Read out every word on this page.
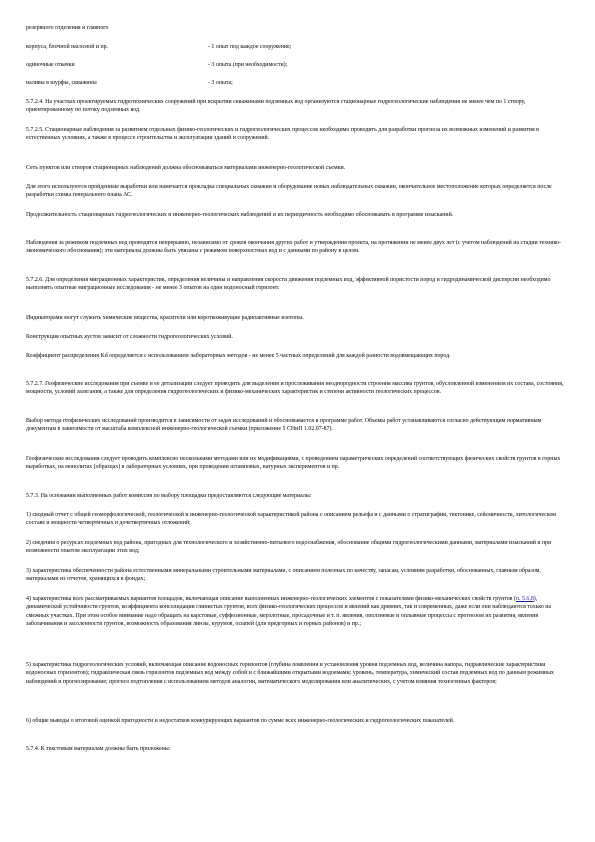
резервного отделения и главного

корпуса, блочной насосной и пр.	- 1 опыт под каждое сооружение;
одиночные откачки	- 3 опыта (при необходимости);
наливы в шурфы, скважины	- 3 опыта;

5.7.2.4. На участках проектируемых гидротехнических сооружений при вскрытии скважинами подземных вод организуются стационарные гидрогеологические наблюдения не менее чем по 1 створу, ориентированному по потоку подземных вод.

5.7.2.5. Стационарные наблюдения за развитием отдельных физико-геологических и гидрогеологических процессов необходимо проводить для разработки прогноза их возможных изменений и развития в естественных условиях, а также в процессе строительства и эксплуатации зданий и сооружений.

Сеть пунктов или створов стационарных наблюдений должна обосновываться материалами инженерно-геологической съемки.

Для этого используются пройденные выработки или намечается прокладка специальных скважин и оборудование новых наблюдательных скважин, окончательное местоположение которых определяется после разработки схемы генерального плана АС.

Продолжительность стационарных гидрогеологических и инженерно-геологических наблюдений и их периодичность необходимо обосновывать в программе изысканий.

Наблюдения за режимом подземных вод проводятся непрерывно, независимо от сроков окончания других работ и утверждения проекта, на протяжении не менее двух лет (с учетом наблюдений на стадии технико-экономического обоснования); эти материалы должны быть увязаны с режимом поверхностных вод и с данными по району в целом.

5.7.2.6. Для определения миграционных характеристик, определения величины и направления скорости движения подземных вод, эффективной пористости пород и гидродинамической дисперсии необходимо выполнять опытные миграционные исследования - не менее 3 опытов на один водоносный горизонт.

Индикаторами могут служить химические вещества, красители или короткоживущие радиоактивные изотопы.

Конструкция опытных кустов зависит от сложности гидрогеологических условий.

Коэффициент распределения Kd определяется с использованием лабораторных методов - не менее 5 частных определений для каждой разности водовмещающих пород.

5.7.2.7. Геофизические исследования при съемке и ее детализации следует проводить для выделения и прослеживания неоднородности строения массива грунтов, обусловленной изменением их состава, состояния, мощности, условий залегания, а также для определения гидрогеологических и физико-механических характеристик и степени активности геологических процессов.

Выбор метода геофизических исследований производится в зависимости от задач исследований и обосновывается в программе работ. Объемы работ устанавливаются согласно действующим нормативным документам в зависимости от масштаба комплексной инженерно-геологической съемки (приложение 5 СНиП 1.02.07-87).

Геофизические исследования следует проводить комплексно несколькими методами или их модификациями, с проведением параметрических определений соответствующих физических свойств грунтов в горных выработках, на монолитах (образцах) в лабораторных условиях, при проведении штамповых, натурных экспериментов и пр.

5.7.3. На основании выполненных работ комиссия по выбору площадки предоставляются следующие материалы:

1) сводный отчет с общей геоморфологической, геологической и инженерно-геологической характеристикой района с описанием рельефа и с данными о стратиграфии, тектонике, сейсмичности, литологическом составе и мощности четвертичных и дочетвертичных отложений;

2) сведения о ресурсах подземных вод района, пригодных для технологического и хозяйственно-питьевого водоснабжения, обоснование общими гидрогеологическими данными, материалами изысканий и при возможности опытом эксплуатации этих вод;

3) характеристика обеспеченности района естественными минеральными строительными материалами, с описанием полезных по качеству, запасам, условиям разработки, обоснованных, главным образом, материалами из отчетов, хранящихся в фондах;

4) характеристика всех рассматриваемых вариантов площадок, включающая описание выполненных инженерно-геологических элементов с показателями физико-механических свойств грунтов (п. 5.6.8), динамической устойчивости грунтов, коэффициента консолидации глинистых грунтов, всех физико-геологических процессов и явлений как древних, так и современных, даже если они наблюдаются только на смежных участках. При этом особое внимание надо обращать на карстовые, суффозионные, мерзлотные, просадочные и т. п. явления, оползневые и оплывные процессы с прогнозом их развития, явления заболачивания и засоленности грунтов, возможность образования линзы, курумов, осыпей (для предгорных и горных районов) и пр.;

5) характеристика гидрогеологических условий, включающая описание водоносных горизонтов (глубина появления и установления уровня подземных вод, величина напора, гидравлические характеристики водоносных горизонтов); гидравлическая связь горизонтов подземных вод между собой и с ближайшими открытыми водоемами; уровень, температура, химический состав подземных вод по данным режимных наблюдений и прогнозирование; прогноз подтопления с использованием методов аналогии, математического моделирования или аналитических, с учетом влияния техногенных факторов;

6) общие выводы о итоговой оценкой пригодности и недостатков конкурирующих вариантов по сумме всех инженерно-геологических и гидрогеологических показателей.

5.7.4. К текстовым материалам должны быть приложены:
